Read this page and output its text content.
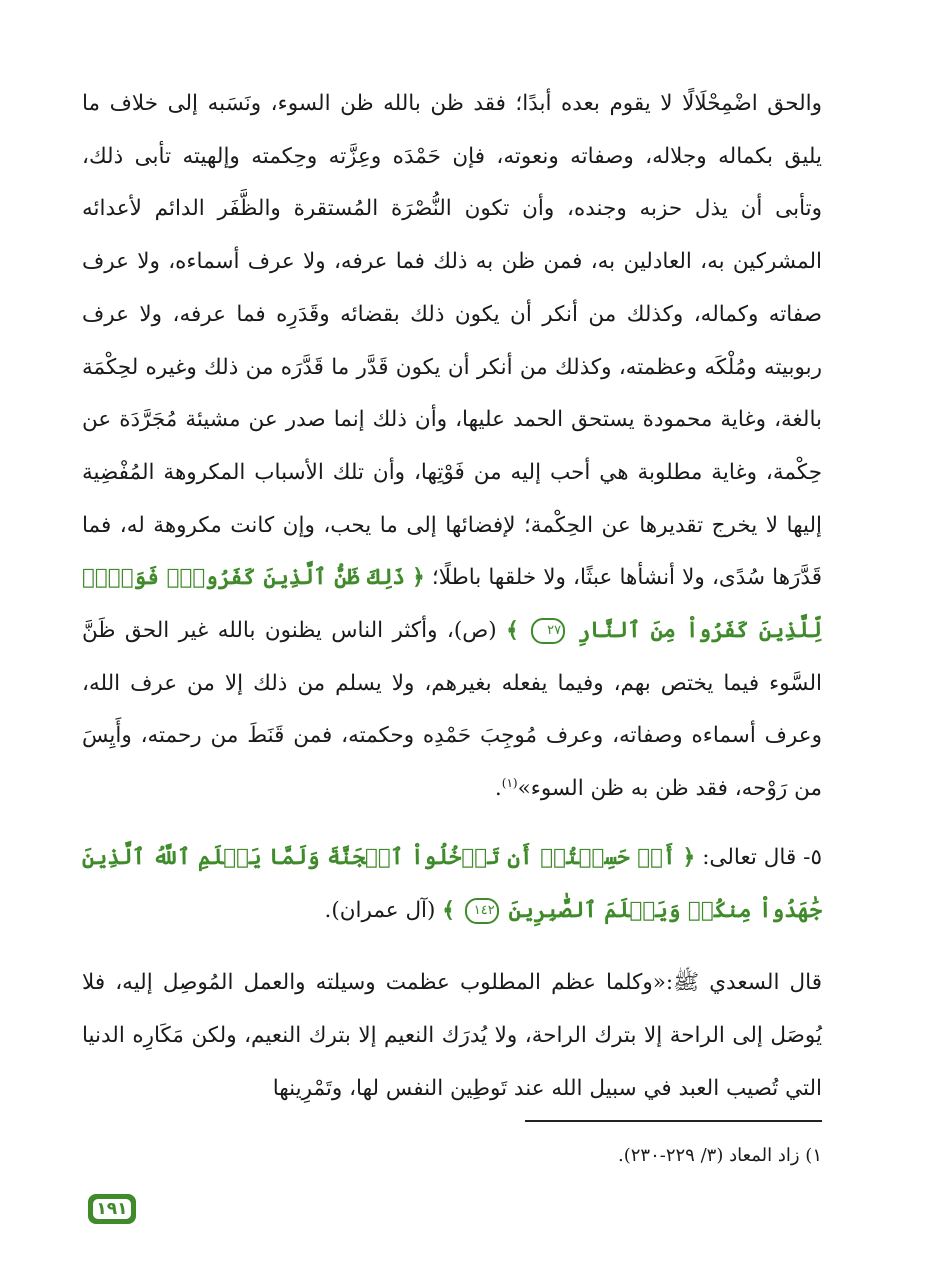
والحق اضْمِحْلَالًا لا يقوم بعده أبدًا؛ فقد ظن بالله ظن السوء، ونَسَبه إلى خلاف ما يليق بكماله وجلاله، وصفاته ونعوته، فإن حَمْدَه وعِزَّته وحِكمته وإلهيته تأبى ذلك، وتأبى أن يذل حزبه وجنده، وأن تكون النُّصْرَة المُستقرة والظَّفَر الدائم لأعدائه المشركين به، العادلين به، فمن ظن به ذلك فما عرفه، ولا عرف أسماءه، ولا عرف صفاته وكماله، وكذلك من أنكر أن يكون ذلك بقضائه وقَدَرِه فما عرفه، ولا عرف ربوبيته ومُلْكَه وعظمته، وكذلك من أنكر أن يكون قَدَّر ما قَدَّرَه من ذلك وغيره لحِكْمَة بالغة، وغاية محمودة يستحق الحمد عليها، وأن ذلك إنما صدر عن مشيئة مُجَرَّدَة عن حِكْمة، وغاية مطلوبة هي أحب إليه من فَوْتِها، وأن تلك الأسباب المكروهة المُفْضِية إليها لا يخرج تقديرها عن الحِكْمة؛ لإفضائها إلى ما يحب، وإن كانت مكروهة له، فما قَدَّرَها سُدًى، ولا أنشأها عبثًا، ولا خلقها باطلًا؛ ﴿ ذَلِكَ ظَنُّ ٱلَّذِينَ كَفَرُواْۚ فَوَيۡلٞ لِّلَّذِينَ كَفَرُواْ مِنَ ٱلنَّارِ ٢٧ ﴾ (ص)، وأكثر الناس يظنون بالله غير الحق ظَنَّ السَّوء فيما يختص بهم، وفيما يفعله بغيرهم، ولا يسلم من ذلك إلا من عرف الله، وعرف أسماءه وصفاته، وعرف مُوجِبَ حَمْدِه وحكمته، فمن قَنَطَ من رحمته، وأَيِسَ من رَوْحه، فقد ظن به ظن السوء»$^{(١)}$.

٥- قال تعالى: ﴿ أَمۡ حَسِبۡتُمۡ أَن تَدۡخُلُواْ ٱلۡجَنَّةَ وَلَمَّا يَعۡلَمِ ٱللَّهُ ٱلَّذِينَ جَٰهَدُواْ مِنكُمۡ وَيَعۡلَمَ ٱلصَّٰبِرِينَ ١٤٢ ﴾ (آل عمران).

قال السعدي ﷺ:«وكلما عظم المطلوب عظمت وسيلته والعمل المُوصِل إليه، فلا يُوصَل إلى الراحة إلا بترك الراحة، ولا يُدرَك النعيم إلا بترك النعيم، ولكن مَكَارِه الدنيا التي تُصيب العبد في سبيل الله عند تَوطِين النفس لها، وتَمْرِينها

١) زاد المعاد (٣/ ٢٢٩-٢٣٠).
١٩١
